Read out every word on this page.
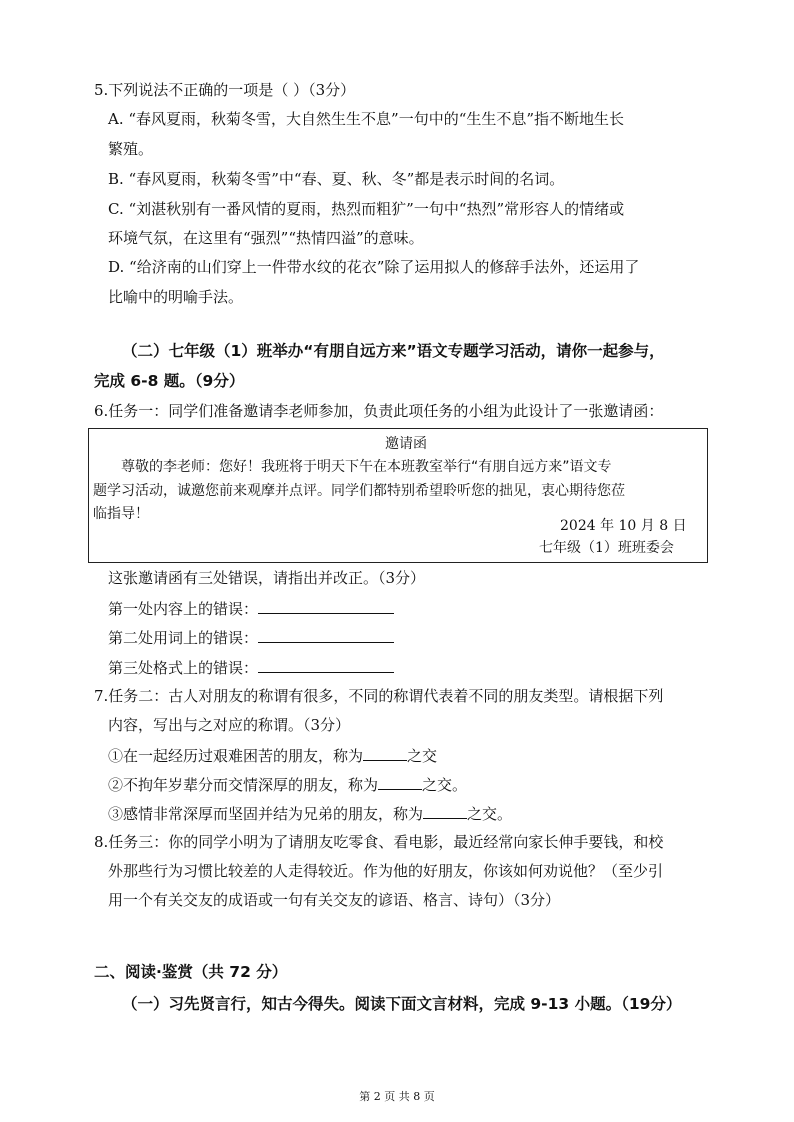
5.下列说法不正确的一项是（ ）（3分）
A. “春风夏雨，秋菊冬雪，大自然生生不息”一句中的“生生不息”指不断地生长
繁殖。
B. “春风夏雨，秋菊冬雪”中“春、夏、秋、冬”都是表示时间的名词。
C. “刘湛秋别有一番风情的夏雨，热烈而粗犷”一句中“热烈”常形容人的情绪或
环境气氛，在这里有“强烈”“热情四溢”的意味。
D. “给济南的山们穿上一件带水纹的花衣”除了运用拟人的修辞手法外，还运用了
比喻中的明喻手法。
（二）七年级（1）班举办“有朋自远方来”语文专题学习活动，请你一起参与，
完成 6-8 题。（9分）
6.任务一：同学们准备邀请李老师参加，负责此项任务的小组为此设计了一张邀请函：
邀请函
尊敬的李老师：您好！我班将于明天下午在本班教室举行“有朋自远方来”语文专
题学习活动，诚邀您前来观摩并点评。同学们都特别希望聆听您的拙见，衷心期待您莅
临指导！
2024 年 10 月 8 日
七年级（1）班班委会
这张邀请函有三处错误，请指出并改正。（3分）
第一处内容上的错误：
第二处用词上的错误：
第三处格式上的错误：
7.任务二：古人对朋友的称谓有很多，不同的称谓代表着不同的朋友类型。请根据下列
内容，写出与之对应的称谓。（3分）
①在一起经历过艰难困苦的朋友，称为	之交
②不拘年岁辈分而交情深厚的朋友，称为	之交。
③感情非常深厚而坚固并结为兄弟的朋友，称为	之交。
8.任务三：你的同学小明为了请朋友吃零食、看电影，最近经常向家长伸手要钱，和校
外那些行为习惯比较差的人走得较近。作为他的好朋友，你该如何劝说他？（至少引
用一个有关交友的成语或一句有关交友的谚语、格言、诗句）（3分）
二、阅读·鉴赏（共 72 分）
（一）习先贤言行，知古今得失。阅读下面文言材料，完成 9-13 小题。（19分）
第 2 页 共 8 页
